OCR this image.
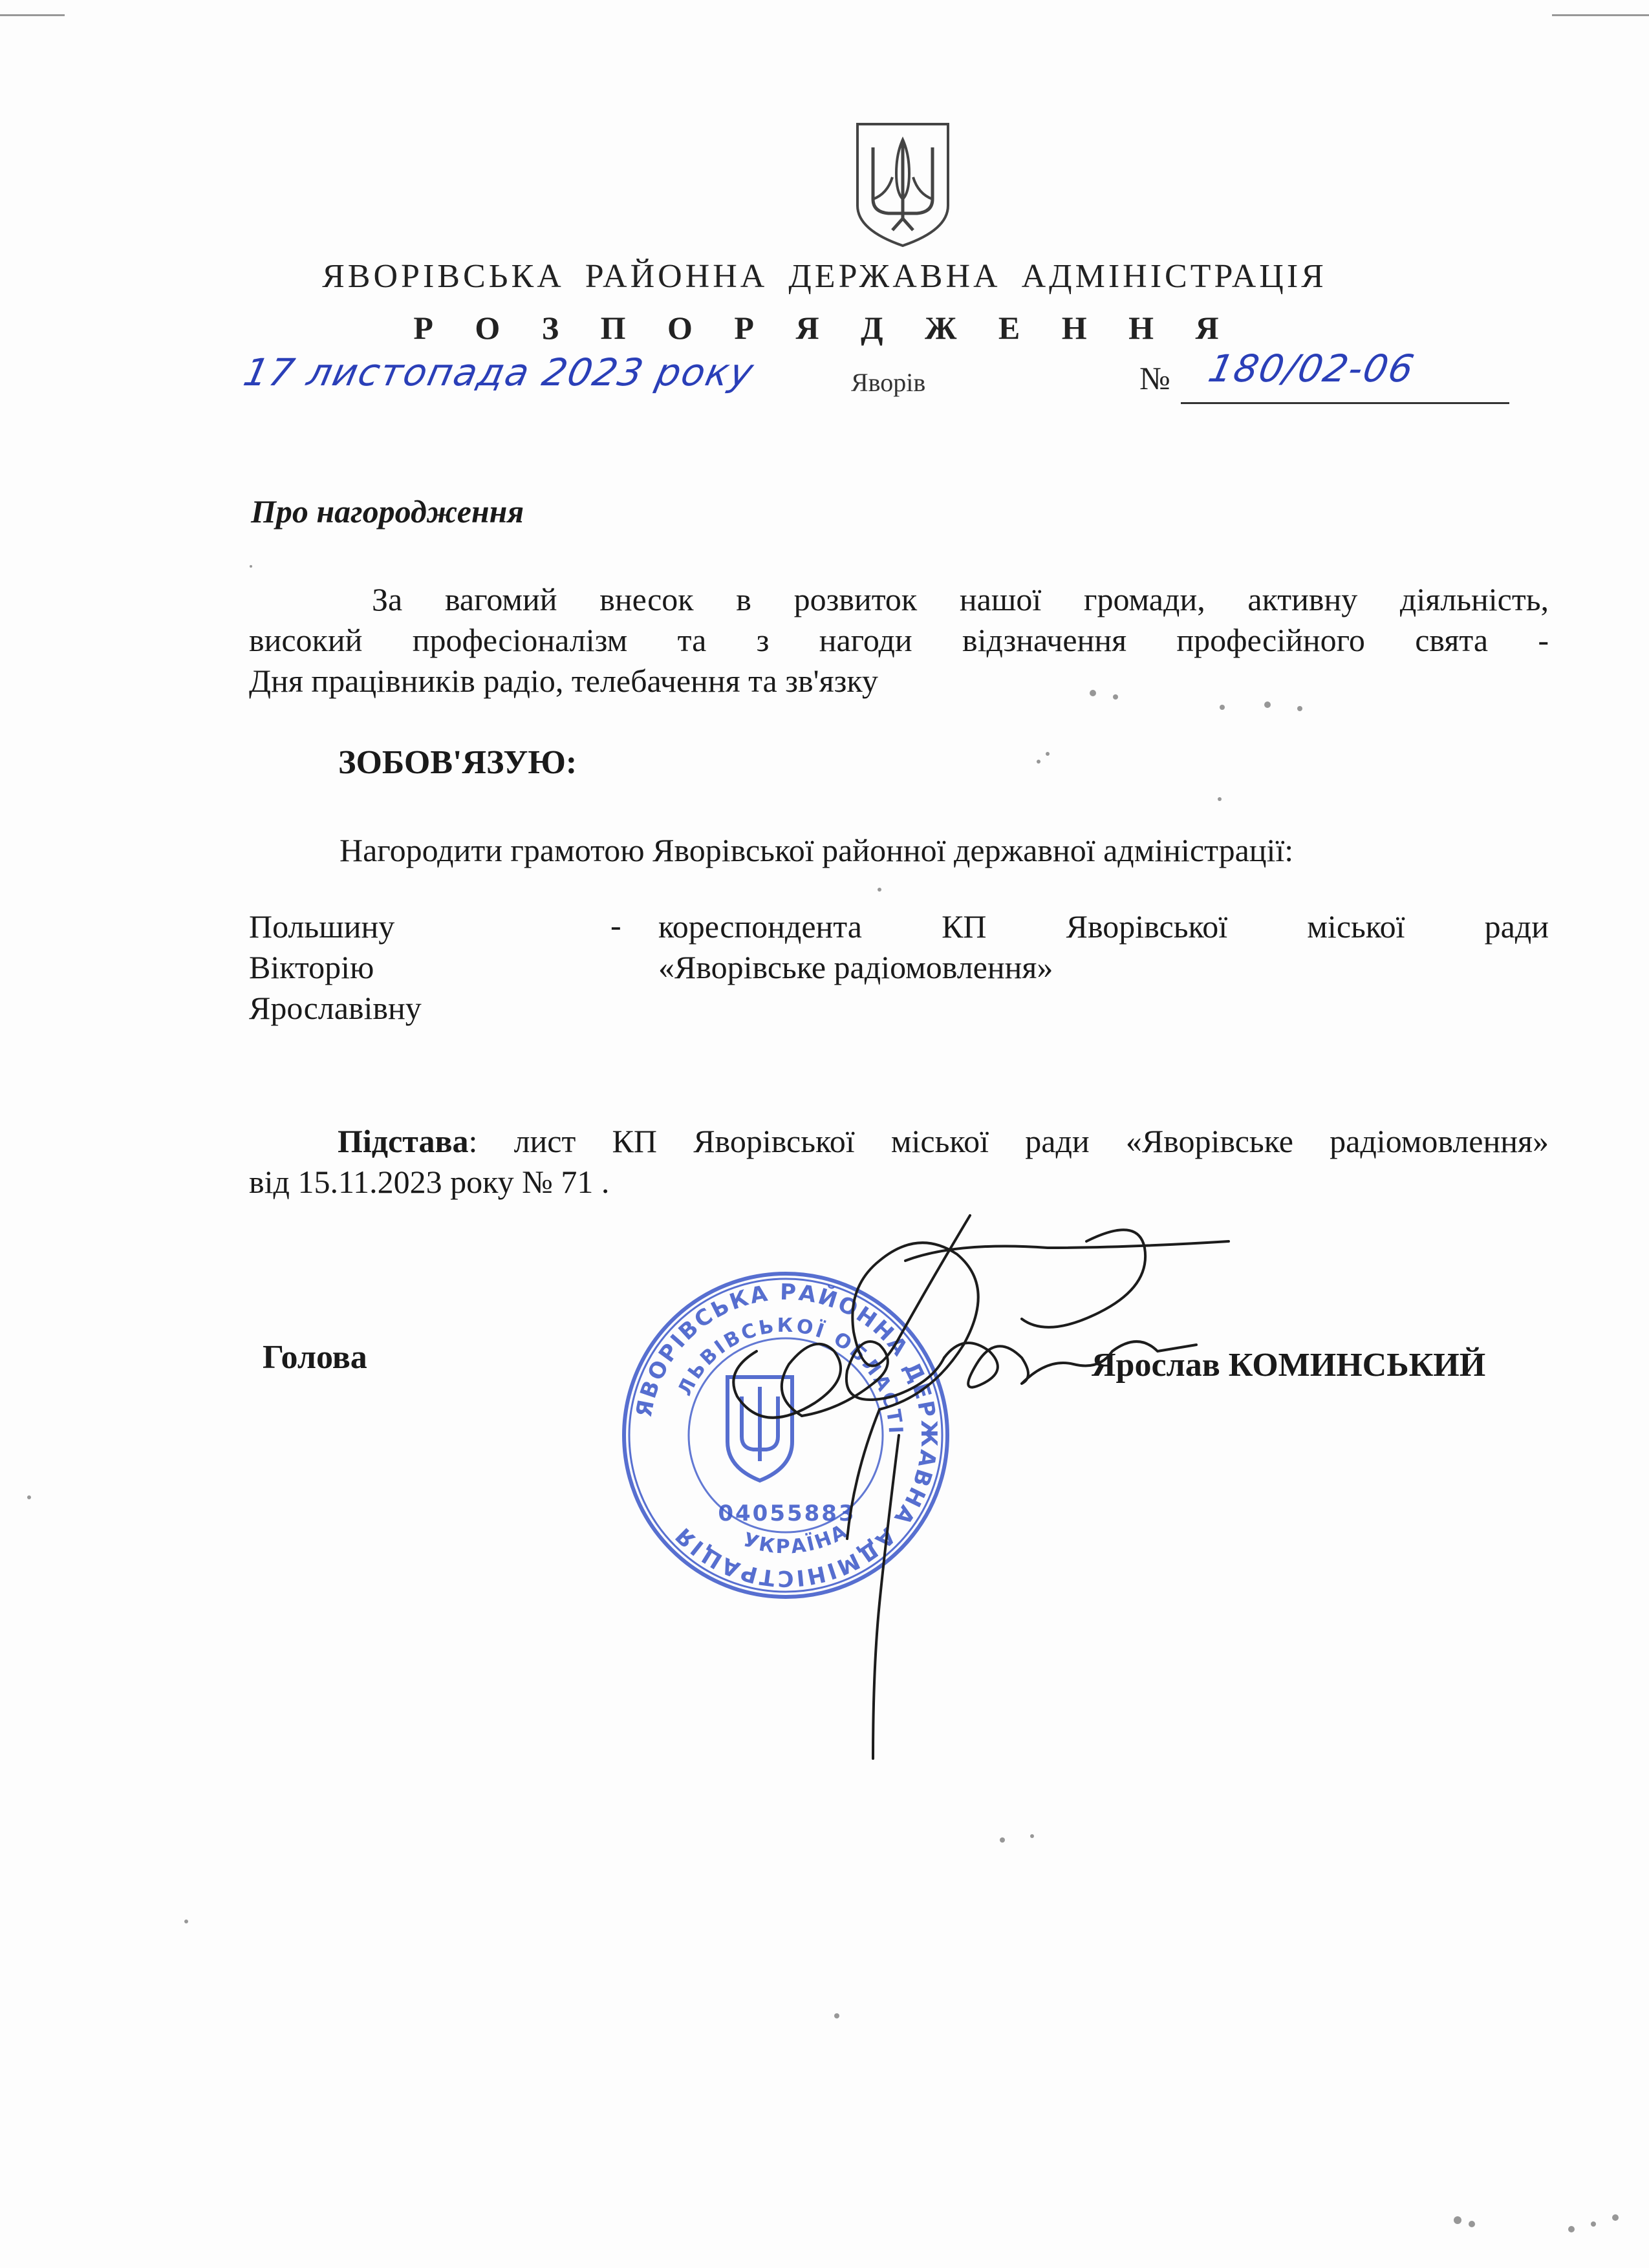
ЯВОРІВСЬКА РАЙОННА ДЕРЖАВНА АДМІНІСТРАЦІЯ
Р О З П О Р Я Д Ж Е Н Н Я
17 листопада 2023 року	Яворів	№ 180/02-06
Про нагородження
За вагомий внесок в розвиток нашої громади, активну діяльність,
високий професіоналізм та з нагоди відзначення професійного свята -
Дня працівників радіо, телебачення та зв'язку
ЗОБОВ'ЯЗУЮ:
Нагородити грамотою Яворівської районної державної адміністрації:
Польшину
Вікторію
Ярославівну
- кореспондента КП Яворівської міської ради
«Яворівське радіомовлення»
Підстава: лист КП Яворівської міської ради «Яворівське радіомовлення»
від 15.11.2023 року № 71 .
Голова	Ярослав КОМИНСЬКИЙ
ЯВОРІВСЬКА РАЙОННА ДЕРЖАВНА АДМІНІСТРАЦІЯ
ЛЬВІВСЬКОЇ ОБЛАСТІ
04055883
УКРАЇНА
